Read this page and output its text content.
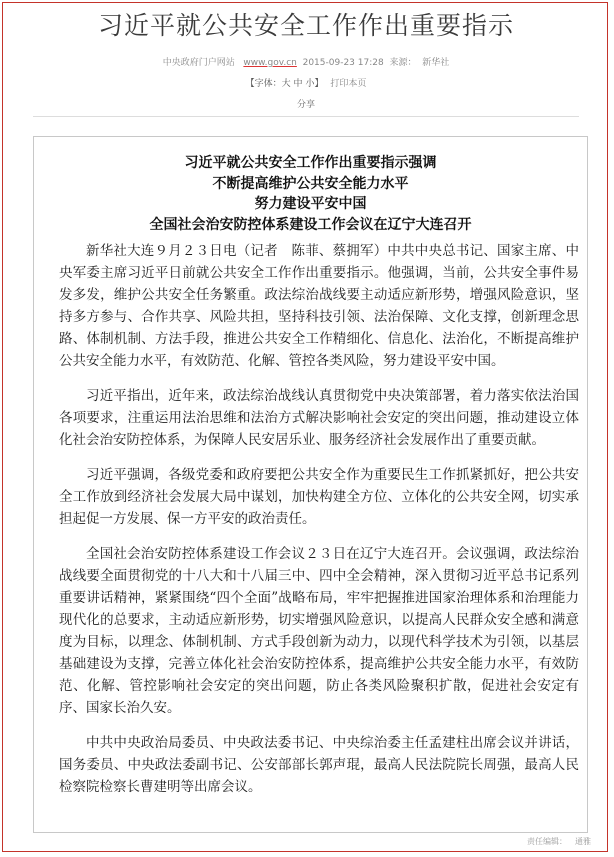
习近平就公共安全工作作出重要指示
中央政府门户网站 www.gov.cn 2015-09-23 17:28 来源： 新华社
【字体：大 中 小】 打印本页
分享
习近平就公共安全工作作出重要指示强调
不断提高维护公共安全能力水平
努力建设平安中国
全国社会治安防控体系建设工作会议在辽宁大连召开

新华社大连９月２３日电（记者　陈菲、蔡拥军）中共中央总书记、国家主席、中央军委主席习近平日前就公共安全工作作出重要指示。他强调，当前，公共安全事件易发多发，维护公共安全任务繁重。政法综治战线要主动适应新形势，增强风险意识，坚持多方参与、合作共享、风险共担，坚持科技引领、法治保障、文化支撑，创新理念思路、体制机制、方法手段，推进公共安全工作精细化、信息化、法治化，不断提高维护公共安全能力水平，有效防范、化解、管控各类风险，努力建设平安中国。

习近平指出，近年来，政法综治战线认真贯彻党中央决策部署，着力落实依法治国各项要求，注重运用法治思维和法治方式解决影响社会安定的突出问题，推动建设立体化社会治安防控体系，为保障人民安居乐业、服务经济社会发展作出了重要贡献。

习近平强调，各级党委和政府要把公共安全作为重要民生工作抓紧抓好，把公共安全工作放到经济社会发展大局中谋划，加快构建全方位、立体化的公共安全网，切实承担起促一方发展、保一方平安的政治责任。

全国社会治安防控体系建设工作会议２３日在辽宁大连召开。会议强调，政法综治战线要全面贯彻党的十八大和十八届三中、四中全会精神，深入贯彻习近平总书记系列重要讲话精神，紧紧围绕“四个全面”战略布局，牢牢把握推进国家治理体系和治理能力现代化的总要求，主动适应新形势，切实增强风险意识，以提高人民群众安全感和满意度为目标，以理念、体制机制、方式手段创新为动力，以现代科学技术为引领，以基层基础建设为支撑，完善立体化社会治安防控体系，提高维护公共安全能力水平，有效防范、化解、管控影响社会安定的突出问题，防止各类风险聚积扩散，促进社会安定有序、国家长治久安。

中共中央政治局委员、中央政法委书记、中央综治委主任孟建柱出席会议并讲话，国务委员、中央政法委副书记、公安部部长郭声琨，最高人民法院院长周强，最高人民检察院检察长曹建明等出席会议。

责任编辑： 通雅
